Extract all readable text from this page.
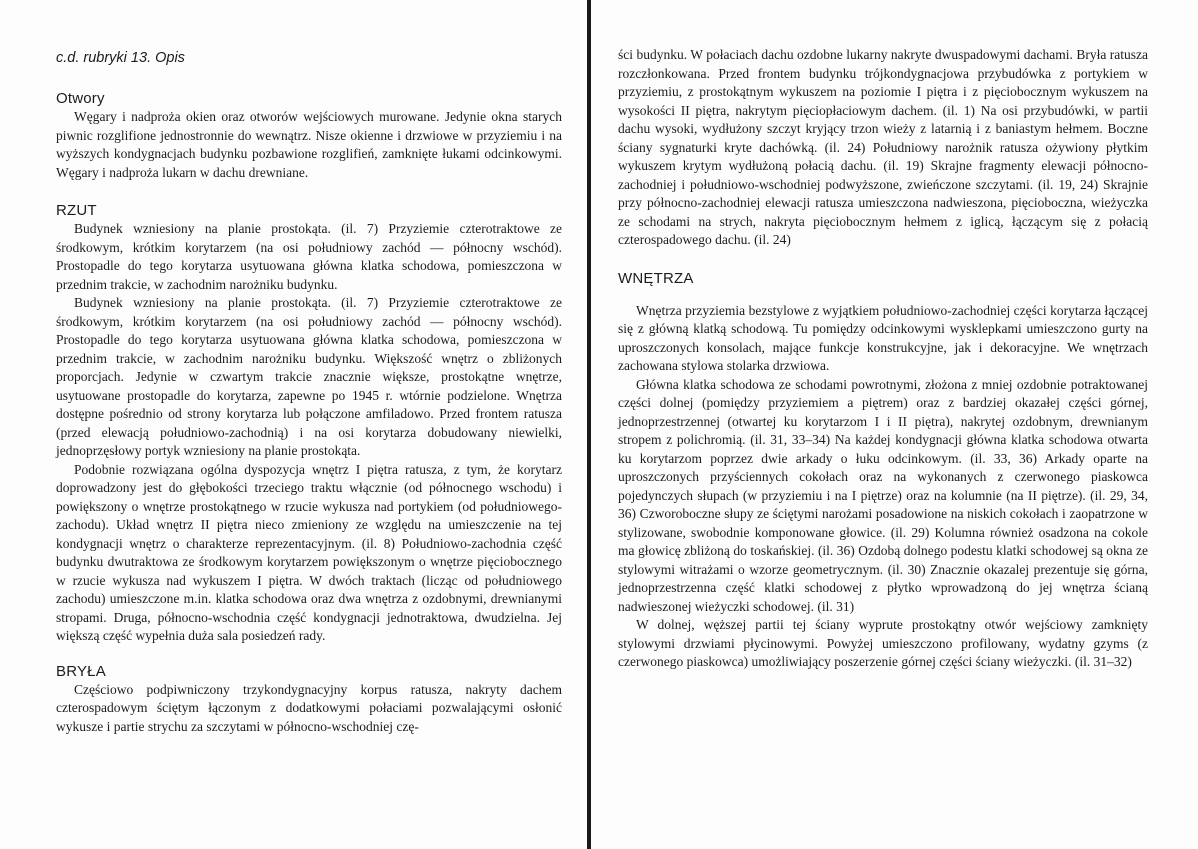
c.d. rubryki 13. Opis
Otwory

Węgary i nadproża okien oraz otworów wejściowych murowane. Jedynie okna starych piwnic rozglifione jednostronnie do wewnątrz. Nisze okienne i drzwiowe w przyziemiu i na wyższych kondygnacjach budynku pozbawione rozglifień, zamknięte łukami odcinkowymi. Węgary i nadproża lukarn w dachu drewniane.

RZUT

Budynek wzniesiony na planie prostokąta. (il. 7) Przyziemie czterotraktowe ze środkowym, krótkim korytarzem (na osi południowy zachód — północny wschód). Prostopadle do tego korytarza usytuowana główna klatka schodowa, pomieszczona w przednim trakcie, w zachodnim narożniku budynku.

Budynek wzniesiony na planie prostokąta. (il. 7) Przyziemie czterotraktowe ze środkowym, krótkim korytarzem (na osi południowy zachód — północny wschód). Prostopadle do tego korytarza usytuowana główna klatka schodowa, pomieszczona w przednim trakcie, w zachodnim narożniku budynku. Większość wnętrz o zbliżonych proporcjach. Jedynie w czwartym trakcie znacznie większe, prostokątne wnętrze, usytuowane prostopadle do korytarza, zapewne po 1945 r. wtórnie podzielone. Wnętrza dostępne pośrednio od strony korytarza lub połączone amfiladowo. Przed frontem ratusza (przed elewacją południowo-zachodnią) i na osi korytarza dobudowany niewielki, jednoprzęsłowy portyk wzniesiony na planie prostokąta.

Podobnie rozwiązana ogólna dyspozycja wnętrz I piętra ratusza, z tym, że korytarz doprowadzony jest do głębokości trzeciego traktu włącznie (od północnego wschodu) i powiększony o wnętrze prostokątnego w rzucie wykusza nad portykiem (od południowego-zachodu). Układ wnętrz II piętra nieco zmieniony ze względu na umieszczenie na tej kondygnacji wnętrz o charakterze reprezentacyjnym. (il. 8) Południowo-zachodnia część budynku dwutraktowa ze środkowym korytarzem powiększonym o wnętrze pięciobocznego w rzucie wykusza nad wykuszem I piętra. W dwóch traktach (licząc od południowego zachodu) umieszczone m.in. klatka schodowa oraz dwa wnętrza z ozdobnymi, drewnianymi stropami. Druga, północno-wschodnia część kondygnacji jednotraktowa, dwudzielna. Jej większą część wypełnia duża sala posiedzeń rady.

BRYŁA

Częściowo podpiwniczony trzykondygnacyjny korpus ratusza, nakryty dachem czterospadowym ściętym łączonym z dodatkowymi połaciami pozwalającymi osłonić wykusze i partie strychu za szczytami w północno-wschodniej czę-

ści budynku. W połaciach dachu ozdobne lukarny nakryte dwuspadowymi dachami. Bryła ratusza rozczłonkowana. Przed frontem budynku trójkondygnacjowa przybudówka z portykiem w przyziemiu, z prostokątnym wykuszem na poziomie I piętra i z pięciobocznym wykuszem na wysokości II piętra, nakrytym pięciopłaciowym dachem. (il. 1) Na osi przybudówki, w partii dachu wysoki, wydłużony szczyt kryjący trzon wieży z latarnią i z baniastym hełmem. Boczne ściany sygnaturki kryte dachówką. (il. 24) Południowy narożnik ratusza ożywiony płytkim wykuszem krytym wydłużoną połacią dachu. (il. 19) Skrajne fragmenty elewacji północno-zachodniej i południowo-wschodniej podwyższone, zwieńczone szczytami. (il. 19, 24) Skrajnie przy północno-zachodniej elewacji ratusza umieszczona nadwieszona, pięcioboczna, wieżyczka ze schodami na strych, nakryta pięciobocznym hełmem z iglicą, łączącym się z połacią czterospadowego dachu. (il. 24)

WNĘTRZA

Wnętrza przyziemia bezstylowe z wyjątkiem południowo-zachodniej części korytarza łączącej się z główną klatką schodową. Tu pomiędzy odcinkowymi wysklepkami umieszczono gurty na uproszczonych konsolach, mające funkcje konstrukcyjne, jak i dekoracyjne. We wnętrzach zachowana stylowa stolarka drzwiowa.

Główna klatka schodowa ze schodami powrotnymi, złożona z mniej ozdobnie potraktowanej części dolnej (pomiędzy przyziemiem a piętrem) oraz z bardziej okazałej części górnej, jednoprzestrzennej (otwartej ku korytarzom I i II piętra), nakrytej ozdobnym, drewnianym stropem z polichromią. (il. 31, 33–34) Na każdej kondygnacji główna klatka schodowa otwarta ku korytarzom poprzez dwie arkady o łuku odcinkowym. (il. 33, 36) Arkady oparte na uproszczonych przyściennych cokołach oraz na wykonanych z czerwonego piaskowca pojedynczych słupach (w przyziemiu i na I piętrze) oraz na kolumnie (na II piętrze). (il. 29, 34, 36) Czworoboczne słupy ze ściętymi narożami posadowione na niskich cokołach i zaopatrzone w stylizowane, swobodnie komponowane głowice. (il. 29) Kolumna również osadzona na cokole ma głowicę zbliżoną do toskańskiej. (il. 36) Ozdobą dolnego podestu klatki schodowej są okna ze stylowymi witrażami o wzorze geometrycznym. (il. 30) Znacznie okazalej prezentuje się górna, jednoprzestrzenna część klatki schodowej z płytko wprowadzoną do jej wnętrza ścianą nadwieszonej wieżyczki schodowej. (il. 31)

W dolnej, węższej partii tej ściany wyprute prostokątny otwór wejściowy zamknięty stylowymi drzwiami płycinowymi. Powyżej umieszczono profilowany, wydatny gzyms (z czerwonego piaskowca) umożliwiający poszerzenie górnej części ściany wieżyczki. (il. 31–32)
